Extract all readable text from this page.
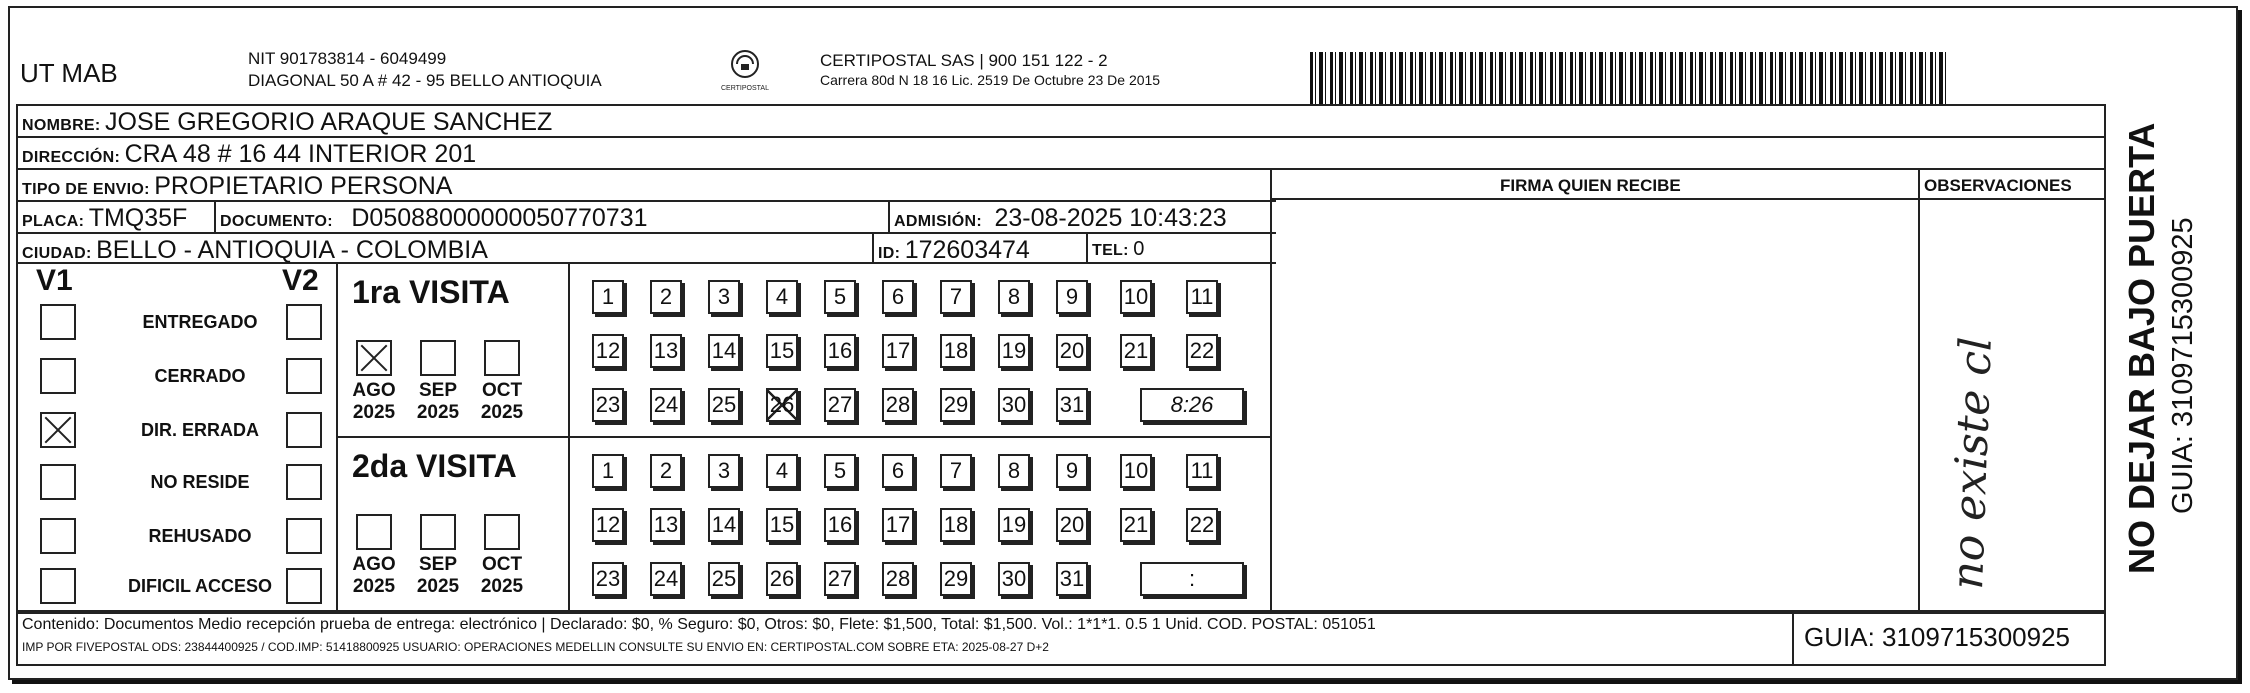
UT MAB	NIT 901783814 - 6049499
DIAGONAL 50 A # 42 - 95 BELLO ANTIOQUIA	CERTIPOSTAL
CERTIPOSTAL SAS | 900 151 122 - 2
Carrera 80d N 18 16 Lic. 2519 De Octubre 23 De 2015
NOMBRE: JOSE GREGORIO ARAQUE SANCHEZ
DIRECCIÓN: CRA 48 # 16 44 INTERIOR 201
TIPO DE ENVIO: PROPIETARIO PERSONA	FIRMA QUIEN RECIBE	OBSERVACIONES
PLACA: TMQ35F DOCUMENTO: D05088000000050770731	ADMISIÓN: 23-08-2025 10:43:23
CIUDAD: BELLO - ANTIOQUIA - COLOMBIA	ID: 172603474	TEL: 0
V1	V2	no existe cl 16
Contenido: Documentos Medio recepción prueba de entrega: electrónico | Declarado: $0, % Seguro: $0, Otros: $0, Flete: $1,500, Total: $1,500. Vol.: 1*1*1. 0.5 1 Unid. COD. POSTAL: 051051
IMP POR FIVEPOSTAL ODS: 23844400925 / COD.IMP: 51418800925 USUARIO: OPERACIONES MEDELLIN CONSULTE SU ENVIO EN: CERTIPOSTAL.COM SOBRE ETA: 2025-08-27 D+2	GUIA: 3109715300925
NO DEJAR BAJO PUERTA GUIA: 3109715300925
ENTREGADO
CERRADO
DIR. ERRADA
NO RESIDE
REHUSADO
DIFICIL ACCESO
1ra VISITA
AGO
2025
SEP
2025
OCT
2025
1	2	3	4	5	6	7	8	9	10 11
12 13 14 15 16 17 18 19 20 21 22
23 24 25 26 27 28 29 30 31	8:26
2da VISITA
AGO
2025
SEP
2025
OCT
2025
1	2	3	4	5	6	7	8	9	10 11
12 13 14 15 16 17 18 19 20 21 22
23 24 25 26 27 28 29 30 31	:
